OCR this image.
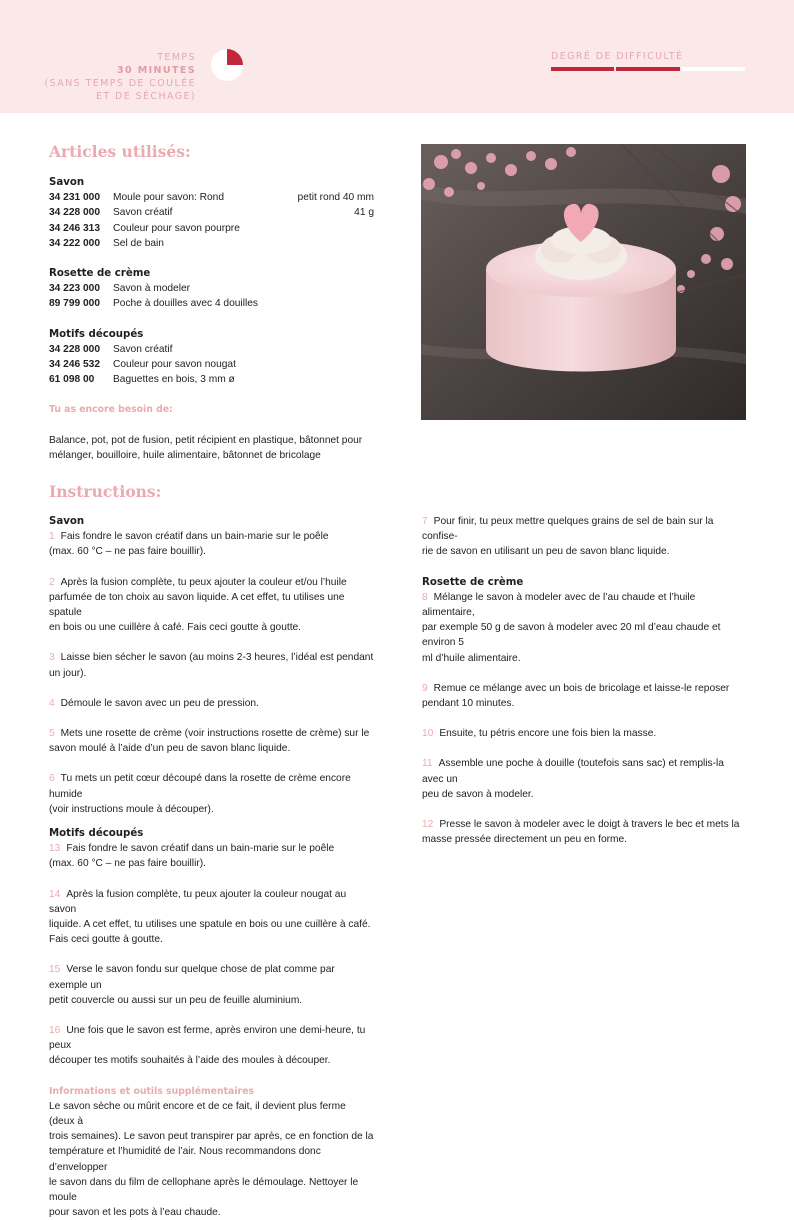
TEMPS
30 MINUTES
(SANS TEMPS DE COULÉE
ET DE SÉCHAGE)
DEGRÉ DE DIFFICULTÉ
Articles utilisés:
Savon
34 231 000	Moule pour savon: Rond	petit rond 40 mm
34 228 000	Savon créatif	41 g
34 246 313	Couleur pour savon pourpre
34 222 000	Sel de bain
Rosette de crème
34 223 000	Savon à modeler
89 799 000	Poche à douilles avec 4 douilles
Motifs découpés
34 228 000	Savon créatif
34 246 532	Couleur pour savon nougat
61 098 00	Baguettes en bois, 3 mm ø
Tu as encore besoin de:

Balance, pot, pot de fusion, petit récipient en plastique, bâtonnet pour

mélanger, bouilloire, huile alimentaire, bâtonnet de bricolage

Instructions:
Savon

1 Fais fondre le savon créatif dans un bain-marie sur le poêle

(max. 60 °C – ne pas faire bouillir).

2 Après la fusion complète, tu peux ajouter la couleur et/ou l’huile

parfumée de ton choix au savon liquide. A cet effet, tu utilises une spatule

en bois ou une cuillère à café. Fais ceci goutte à goutte.

3 Laisse bien sécher le savon (au moins 2-3 heures, l’idéal est pendant

un jour).

4 Démoule le savon avec un peu de pression.

5 Mets une rosette de crème (voir instructions rosette de crème) sur le

savon moulé à l’aide d’un peu de savon blanc liquide.

6 Tu mets un petit cœur découpé dans la rosette de crème encore humide

(voir instructions moule à découper).

Motifs découpés

13 Fais fondre le savon créatif dans un bain-marie sur le poêle

(max. 60 °C – ne pas faire bouillir).

14 Après la fusion complète, tu peux ajouter la couleur nougat au savon

liquide. A cet effet, tu utilises une spatule en bois ou une cuillère à café.

Fais ceci goutte à goutte.

15 Verse le savon fondu sur quelque chose de plat comme par exemple un

petit couvercle ou aussi sur un peu de feuille aluminium.

16 Une fois que le savon est ferme, après environ une demi-heure, tu peux

découper tes motifs souhaités à l’aide des moules à découper.

Informations et outils supplémentaires

Le savon sèche ou mûrit encore et de ce fait, il devient plus ferme (deux à

trois semaines). Le savon peut transpirer par après, ce en fonction de la

température et l’humidité de l’air. Nous recommandons donc d’envelopper

le savon dans du film de cellophane après le démoulage. Nettoyer le moule

pour savon et les pots à l’eau chaude.

7 Pour finir, tu peux mettre quelques grains de sel de bain sur la confise-

rie de savon en utilisant un peu de savon blanc liquide.

Rosette de crème

8 Mélange le savon à modeler avec de l’au chaude et l’huile alimentaire,

par exemple 50 g de savon à modeler avec 20 ml d’eau chaude et environ 5

ml d’huile alimentaire.

9 Remue ce mélange avec un bois de bricolage et laisse-le reposer

pendant 10 minutes.

10 Ensuite, tu pétris encore une fois bien la masse.

11 Assemble une poche à douille (toutefois sans sac) et remplis-la avec un

peu de savon à modeler.

12 Presse le savon à modeler avec le doigt à travers le bec et mets la

masse pressée directement un peu en forme.
